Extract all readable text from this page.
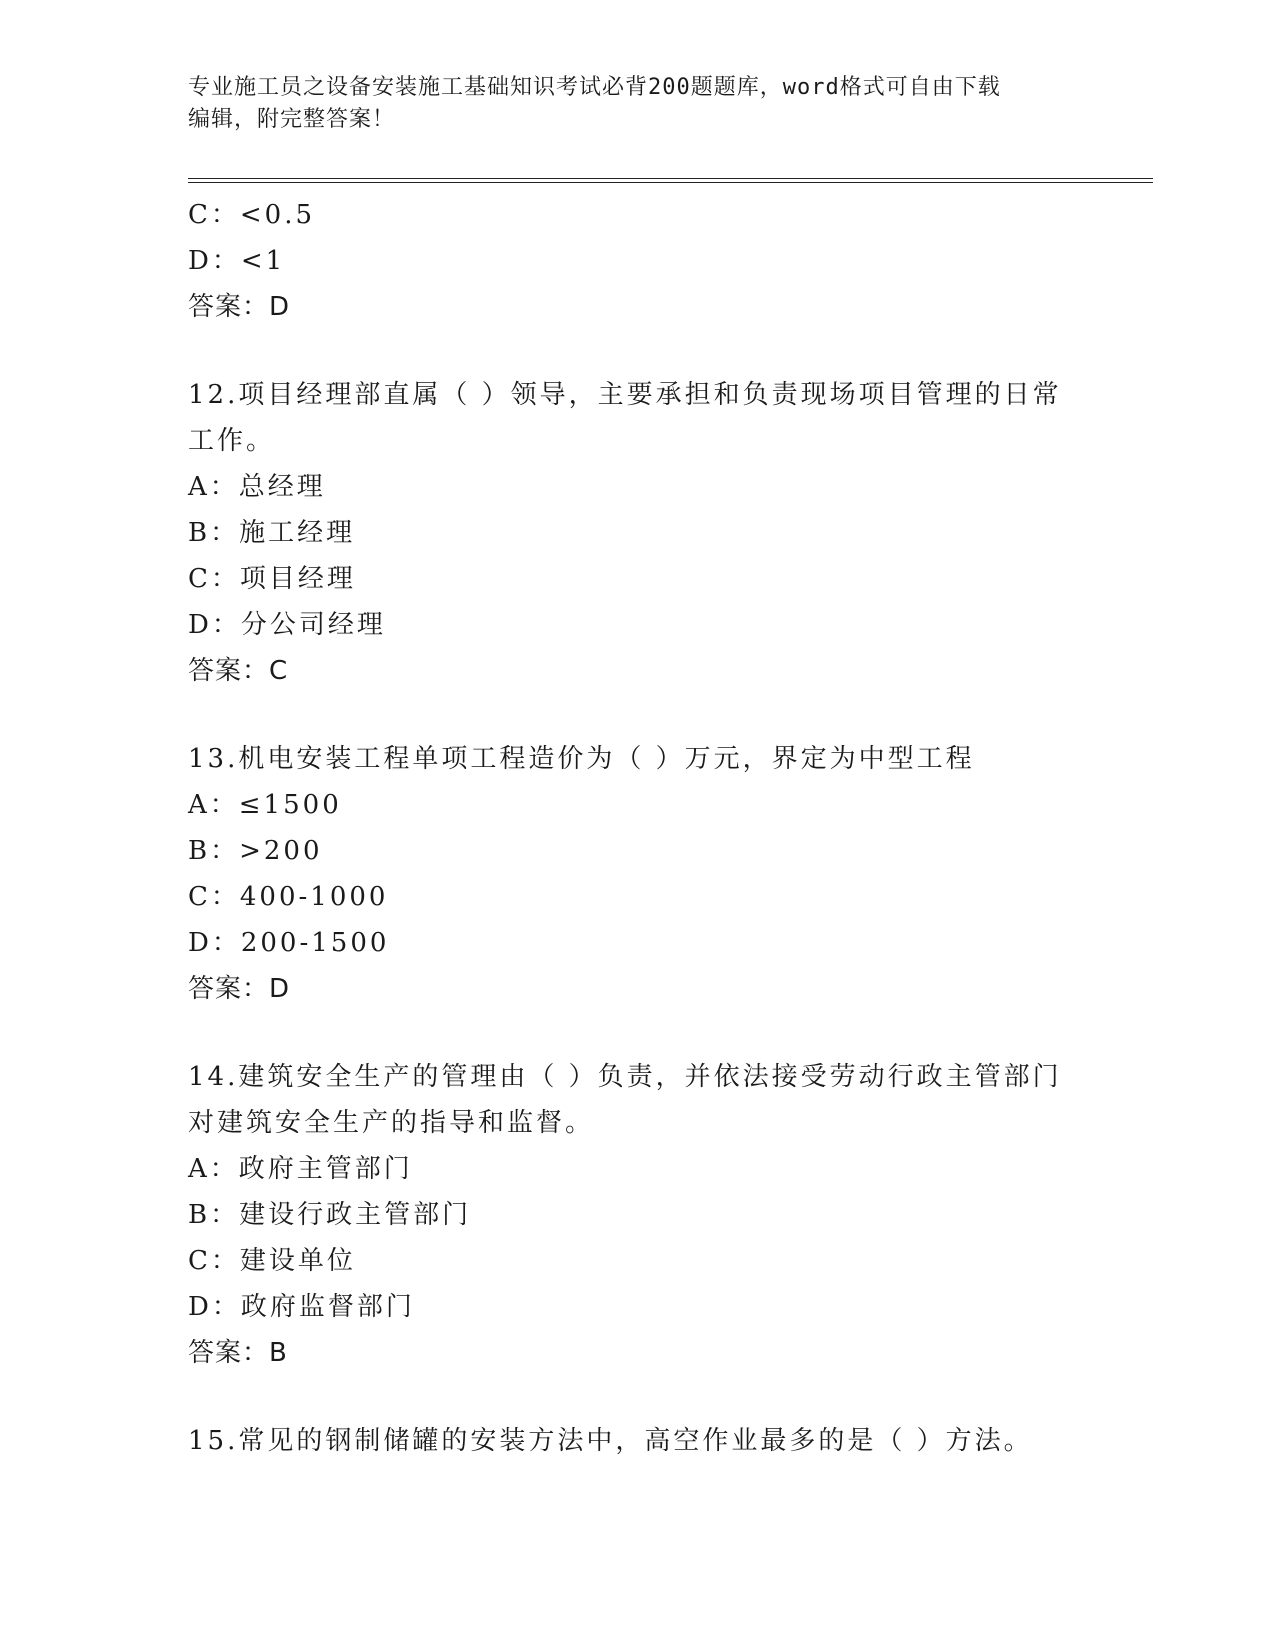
专业施工员之设备安装施工基础知识考试必背200题题库，word格式可自由下载
编辑，附完整答案！
C：<0.5
D：<1
答案：D
12.项目经理部直属（ ）领导，主要承担和负责现场项目管理的日常
工作。
A：总经理
B：施工经理
C：项目经理
D：分公司经理
答案：C
13.机电安装工程单项工程造价为（ ）万元，界定为中型工程
A：≤1500
B：>200
C：400-1000
D：200-1500
答案：D
14.建筑安全生产的管理由（ ）负责，并依法接受劳动行政主管部门
对建筑安全生产的指导和监督。
A：政府主管部门
B：建设行政主管部门
C：建设单位
D：政府监督部门
答案：B
15.常见的钢制储罐的安装方法中，高空作业最多的是（ ）方法。
